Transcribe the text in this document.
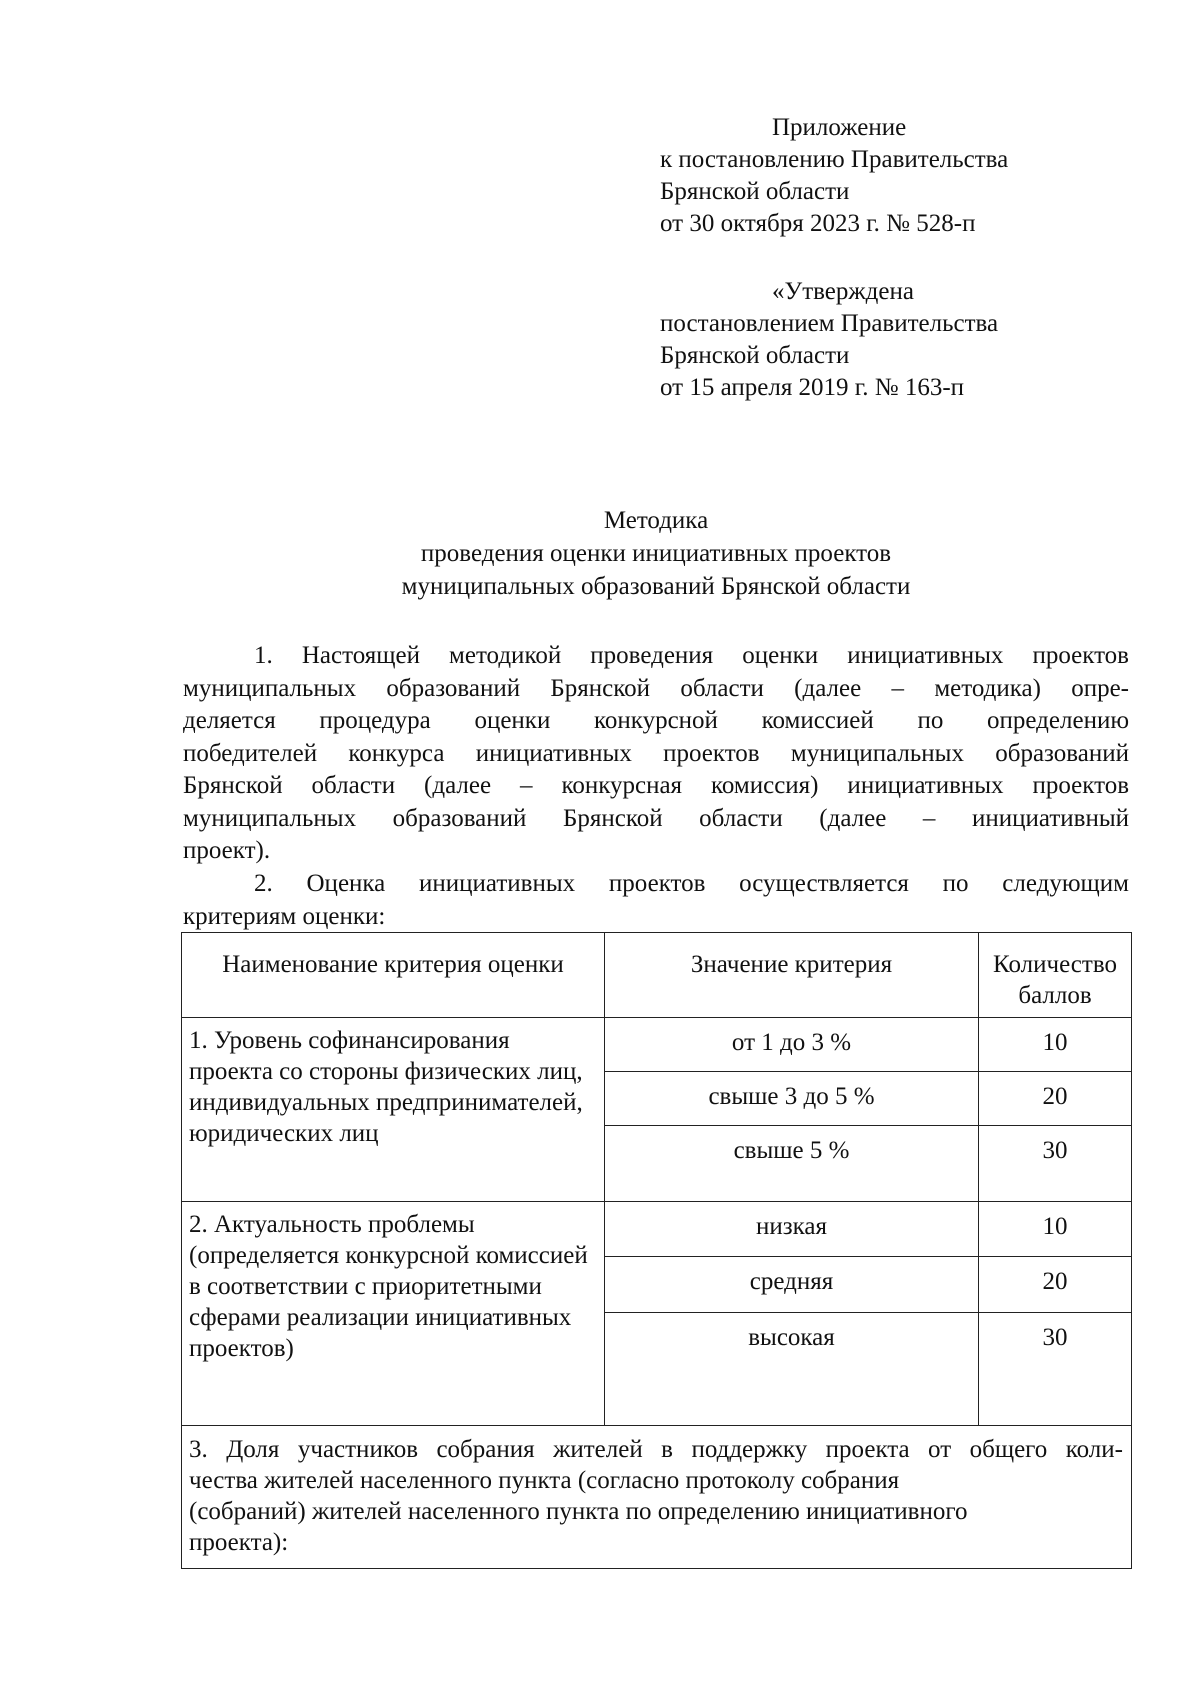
Приложение
к постановлению Правительства
Брянской области
от 30 октября 2023 г. № 528-п
«Утверждена
постановлением Правительства
Брянской области
от 15 апреля 2019 г. № 163-п
Методика
проведения оценки инициативных проектов
муниципальных образований Брянской области
1. Настоящей методикой проведения оценки инициативных проектов
муниципальных образований Брянской области (далее – методика) опре-
деляется процедура оценки конкурсной комиссией по определению
победителей конкурса инициативных проектов муниципальных образований
Брянской области (далее – конкурсная комиссия) инициативных проектов
муниципальных образований Брянской области (далее – инициативный
проект).
2. Оценка инициативных проектов осуществляется по следующим
критериям оценки:
Наименование критерия оценки	Значение критерия	Количество
баллов

1. Уровень софинансирования проекта со стороны физических лиц, индивидуальных предпринимателей, юридических лиц	от 1 до 3 %	10
	свыше 3 до 5 %	20
	свыше 5 %	30
2. Актуальность проблемы (определяется конкурсной комиссией в соответствии с приоритетными сферами реализации инициативных проектов)	низкая	10
	средняя	20
	высокая	30

3. Доля участников собрания жителей в поддержку проекта от общего коли-
чества жителей населенного пункта (согласно протоколу собрания
(собраний) жителей населенного пункта по определению инициативного
проекта):		
